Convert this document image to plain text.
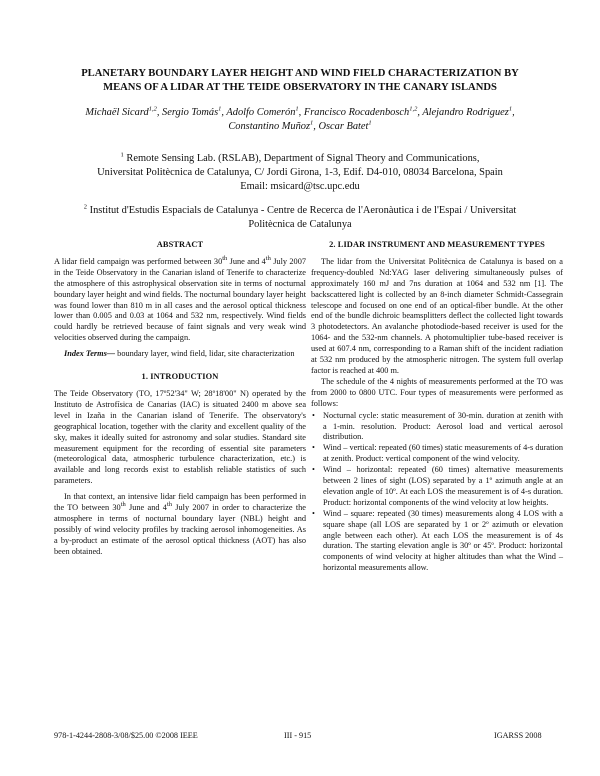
PLANETARY BOUNDARY LAYER HEIGHT AND WIND FIELD CHARACTERIZATION BY
MEANS OF A LIDAR AT THE TEIDE OBSERVATORY IN THE CANARY ISLANDS
Michaël Sicard$^{1,2}$, Sergio Tomás$^1$, Adolfo Comerón$^1$, Francisco Rocadenbosch$^{1,2}$, Alejandro Rodriguez$^1$,
Constantino Muñoz$^1$, Oscar Batet$^1$
$^1$ Remote Sensing Lab. (RSLAB), Department of Signal Theory and Communications,
Universitat Politècnica de Catalunya, C/ Jordi Girona, 1-3, Edif. D4-010, 08034 Barcelona, Spain
Email: msicard@tsc.upc.edu
$^2$ Institut d'Estudis Espacials de Catalunya - Centre de Recerca de l'Aeronàutica i de l'Espai / Universitat
Politècnica de Catalunya
ABSTRACT

A lidar field campaign was performed between 30th June and 4th July 2007 in the Teide Observatory in the Canarian island of Tenerife to characterize the atmosphere of this astrophysical observation site in terms of nocturnal boundary layer height and wind fields. The nocturnal boundary layer height was found lower than 810 m in all cases and the aerosol optical thickness lower than 0.005 and 0.03 at 1064 and 532 nm, respectively. Wind fields could hardly be retrieved because of faint signals and very weak wind velocities observed during the campaign.

Index Terms— boundary layer, wind field, lidar, site characterization

1. INTRODUCTION

The Teide Observatory (TO, 17º52'34" W; 28º18'00" N) operated by the Instituto de Astrofísica de Canarias (IAC) is situated 2400 m above sea level in Izaña in the Canarian island of Tenerife. The observatory's geographical location, together with the clarity and excellent quality of the sky, makes it ideally suited for astronomy and solar studies. Standard site measurement equipment for the recording of essential site parameters (meteorological data, atmospheric turbulence characterization, etc.) is available and long records exist to establish reliable statistics of such parameters.

In that context, an intensive lidar field campaign has been performed in the TO between 30th June and 4th July 2007 in order to characterize the atmosphere in terms of nocturnal boundary layer (NBL) height and possibly of wind velocity profiles by tracking aerosol inhomogeneities. As a by-product an estimate of the aerosol optical thickness (AOT) has also been obtained.

2. LIDAR INSTRUMENT AND MEASUREMENT TYPES

The lidar from the Universitat Politècnica de Catalunya is based on a frequency-doubled Nd:YAG laser delivering simultaneously pulses of approximately 160 mJ and 7ns duration at 1064 and 532 nm [1]. The backscattered light is collected by an 8-inch diameter Schmidt-Cassegrain telescope and focused on one end of an optical-fiber bundle. At the other end of the bundle dichroic beamsplitters deflect the collected light towards 3 photodetectors. An avalanche photodiode-based receiver is used for the 1064- and the 532-nm channels. A photomultiplier tube-based receiver is used at 607.4 nm, corresponding to a Raman shift of the incident radiation at 532 nm produced by the atmospheric nitrogen. The system full overlap factor is reached at 400 m.

The schedule of the 4 nights of measurements performed at the TO was from 2000 to 0800 UTC. Four types of measurements were performed as follows:

• Nocturnal cycle: static measurement of 30-min. duration at zenith with a 1-min. resolution. Product: Aerosol load and vertical aerosol distribution.
• Wind – vertical: repeated (60 times) static measurements of 4-s duration at zenith. Product: vertical component of the wind velocity.
• Wind – horizontal: repeated (60 times) alternative measurements between 2 lines of sight (LOS) separated by a 1º azimuth angle at an elevation angle of 10º. At each LOS the measurement is of 4-s duration. Product: horizontal components of the wind velocity at low heights.
• Wind – square: repeated (30 times) measurements along 4 LOS with a square shape (all LOS are separated by 1 or 2º azimuth or elevation angle between each other). At each LOS the measurement is of 4s duration. The starting elevation angle is 30º or 45º. Product: horizontal components of wind velocity at higher altitudes than what the Wind – horizontal measurements allow.
978-1-4244-2808-3/08/$25.00 ©2008 IEEE	III - 915	IGARSS 2008
